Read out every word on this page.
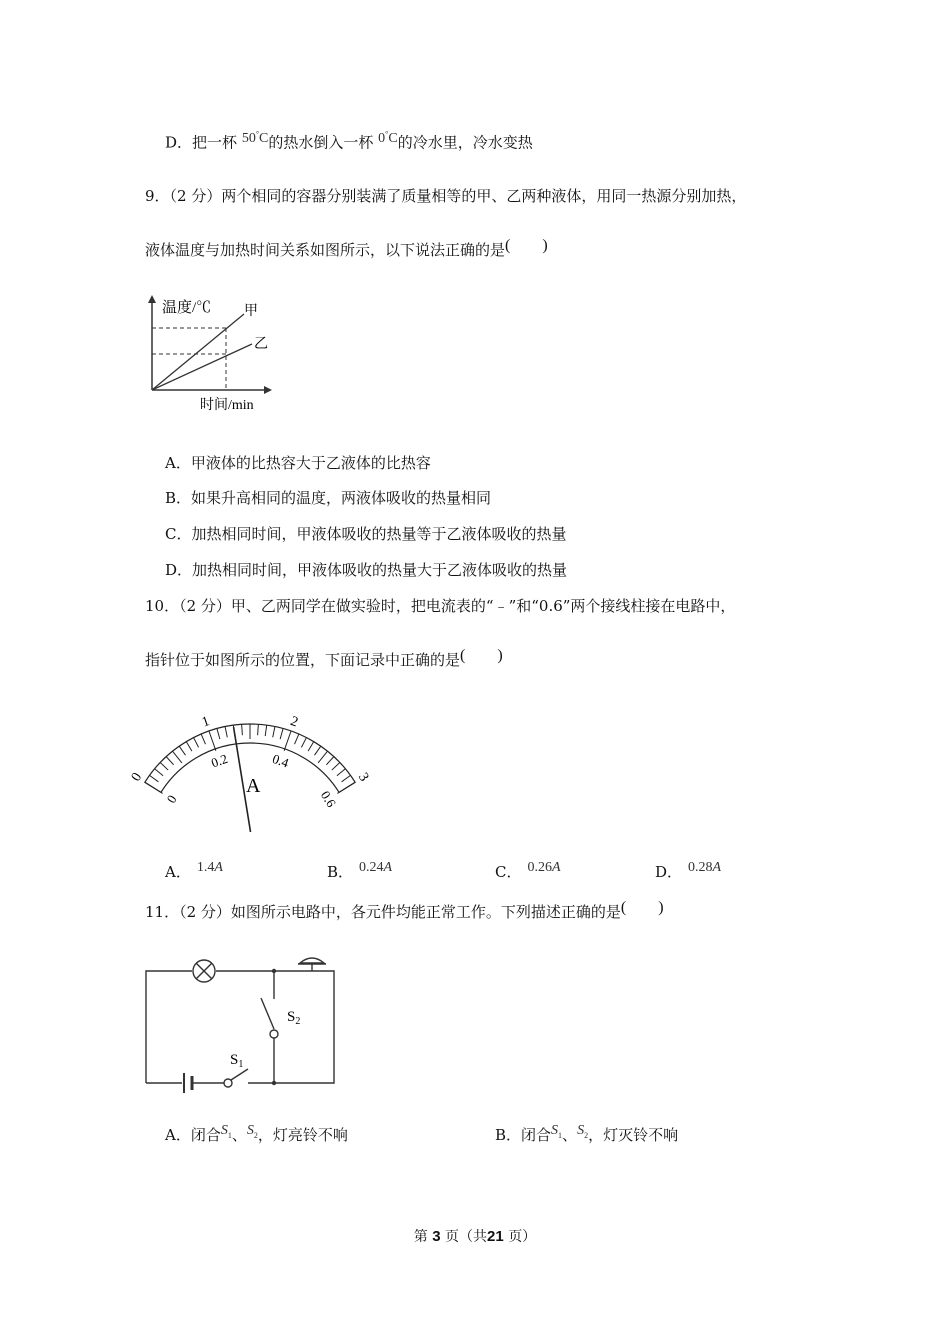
D．把一杯 50°C的热水倒入一杯 0°C的冷水里，冷水变热
9．（2 分）两个相同的容器分别装满了质量相等的甲、乙两种液体，用同一热源分别加热，
液体温度与加热时间关系如图所示，以下说法正确的是(　　)
温度/℃
时间/min
甲
乙
A．甲液体的比热容大于乙液体的比热容
B．如果升高相同的温度，两液体吸收的热量相同
C．加热相同时间，甲液体吸收的热量等于乙液体吸收的热量
D．加热相同时间，甲液体吸收的热量大于乙液体吸收的热量
10．（2 分）甲、乙两同学在做实验时，把电流表的“﹣”和“0.6”两个接线柱接在电路中，
指针位于如图所示的位置，下面记录中正确的是(　　)
A
0
1	2
3
0
0.2	0.4
0.6
A． 1.4A	B． 0.24A	C． 0.26A	D． 0.28A
11．（2 分）如图所示电路中，各元件均能正常工作。下列描述正确的是(　　)
$S_2$
$S_1$
A．闭合$S_1$、$S_2$，灯亮铃不响	B．闭合$S_1$、$S_2$，灯灭铃不响
第 3 页（共21 页）
